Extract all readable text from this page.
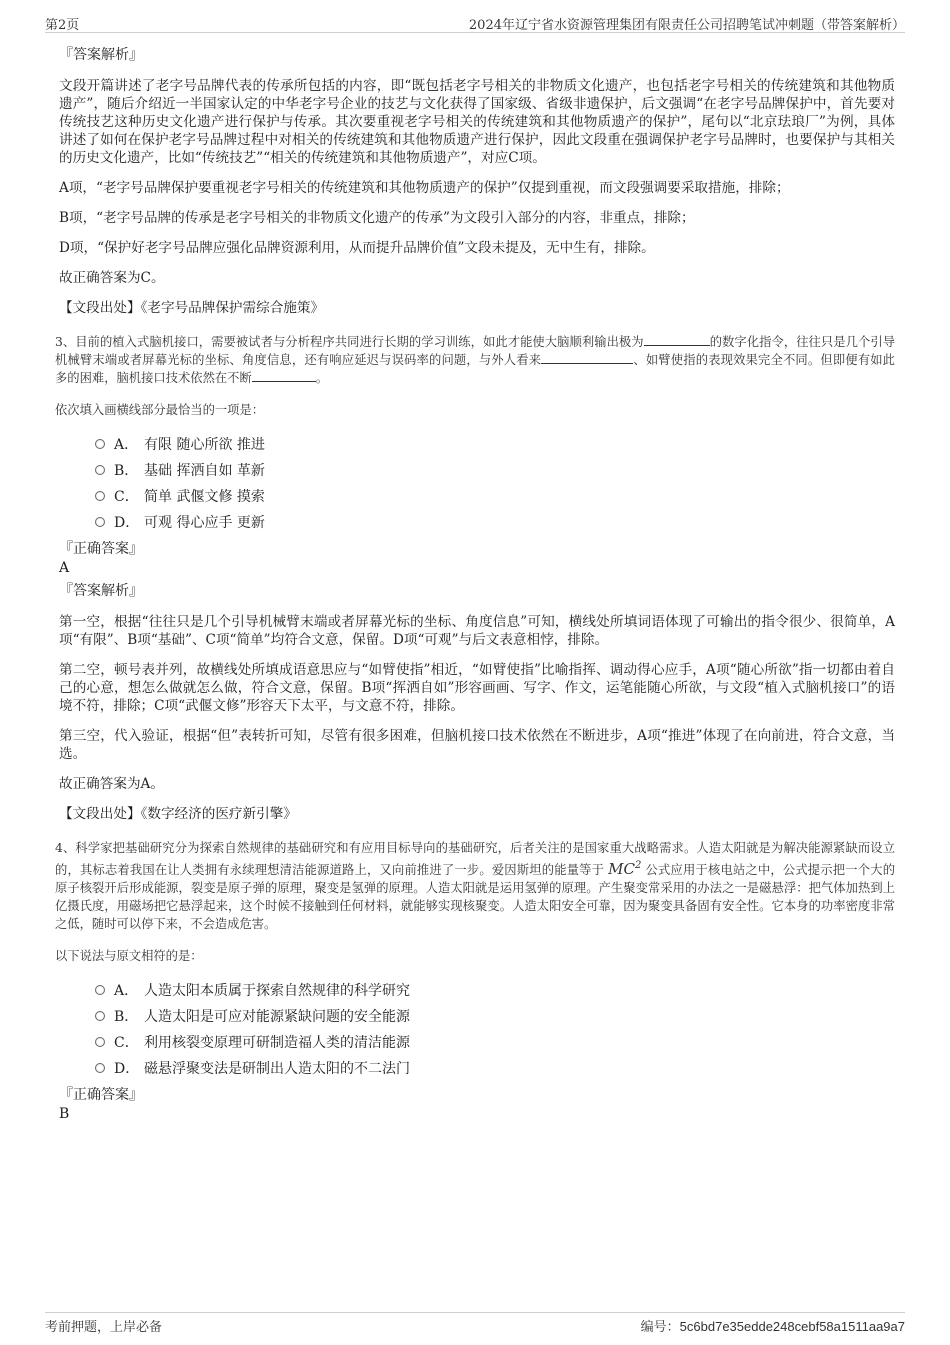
第2页	2024年辽宁省水资源管理集团有限责任公司招聘笔试冲刺题（带答案解析）
『答案解析』

文段开篇讲述了老字号品牌代表的传承所包括的内容，即“既包括老字号相关的非物质文化遗产，也包括老字号相关的传统建筑和其他物质遗产”，随后介绍近一半国家认定的中华老字号企业的技艺与文化获得了国家级、省级非遗保护，后文强调“在老字号品牌保护中，首先要对传统技艺这种历史文化遗产进行保护与传承。其次要重视老字号相关的传统建筑和其他物质遗产的保护”，尾句以“北京珐琅厂”为例，具体讲述了如何在保护老字号品牌过程中对相关的传统建筑和其他物质遗产进行保护，因此文段重在强调保护老字号品牌时，也要保护与其相关的历史文化遗产，比如“传统技艺”“相关的传统建筑和其他物质遗产”，对应C项。

A项，“老字号品牌保护要重视老字号相关的传统建筑和其他物质遗产的保护”仅提到重视，而文段强调要采取措施，排除；

B项，“老字号品牌的传承是老字号相关的非物质文化遗产的传承”为文段引入部分的内容，非重点，排除；

D项，“保护好老字号品牌应强化品牌资源利用，从而提升品牌价值”文段未提及，无中生有，排除。

故正确答案为C。

【文段出处】《老字号品牌保护需综合施策》

3、目前的植入式脑机接口，需要被试者与分析程序共同进行长期的学习训练，如此才能使大脑顺利输出极为	的数字化指令，往往只是几个引导机械臂末端或者屏幕光标的坐标、角度信息，还有响应延迟与误码率的问题，与外人看来	、如臂使指的表现效果完全不同。但即便有如此多的困难，脑机接口技术依然在不断	。

依次填入画横线部分最恰当的一项是：

A． 有限 随心所欲 推进
B． 基础 挥洒自如 革新
C． 简单 武偃文修 摸索
D． 可观 得心应手 更新
『正确答案』
A
『答案解析』

第一空，根据“往往只是几个引导机械臂末端或者屏幕光标的坐标、角度信息”可知，横线处所填词语体现了可输出的指令很少、很简单，A项“有限”、B项“基础”、C项“简单”均符合文意，保留。D项“可观”与后文表意相悖，排除。

第二空，顿号表并列，故横线处所填成语意思应与“如臂使指”相近，“如臂使指”比喻指挥、调动得心应手，A项“随心所欲”指一切都由着自己的心意，想怎么做就怎么做，符合文意，保留。B项“挥洒自如”形容画画、写字、作文，运笔能随心所欲，与文段“植入式脑机接口”的语境不符，排除；C项“武偃文修”形容天下太平，与文意不符，排除。

第三空，代入验证，根据“但”表转折可知，尽管有很多困难，但脑机接口技术依然在不断进步，A项“推进”体现了在向前进，符合文意，当选。

故正确答案为A。

【文段出处】《数字经济的医疗新引擎》

4、科学家把基础研究分为探索自然规律的基础研究和有应用目标导向的基础研究，后者关注的是国家重大战略需求。人造太阳就是为解决能源紧缺而设立的，其标志着我国在让人类拥有永续理想清洁能源道路上，又向前推进了一步。爱因斯坦的能量等于 $MC^2$ 公式应用于核电站之中，公式提示把一个大的原子核裂开后形成能源，裂变是原子弹的原理，聚变是氢弹的原理。人造太阳就是运用氢弹的原理。产生聚变常采用的办法之一是磁悬浮：把气体加热到上亿摄氏度，用磁场把它悬浮起来，这个时候不接触到任何材料，就能够实现核聚变。人造太阳安全可靠，因为聚变具备固有安全性。它本身的功率密度非常之低，随时可以停下来，不会造成危害。

以下说法与原文相符的是：

A． 人造太阳本质属于探索自然规律的科学研究
B． 人造太阳是可应对能源紧缺问题的安全能源
C． 利用核裂变原理可研制造福人类的清洁能源
D． 磁悬浮聚变法是研制出人造太阳的不二法门
『正确答案』
B
考前押题，上岸必备	编号：5c6bd7e35edde248cebf58a1511aa9a7
